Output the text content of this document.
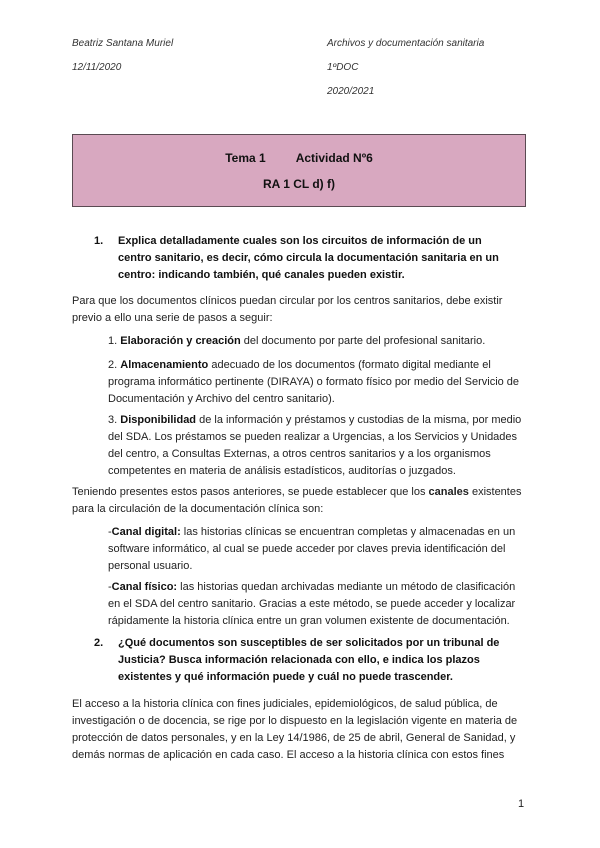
Beatriz Santana Muriel
12/11/2020
Archivos y documentación sanitaria
1ºDOC
2020/2021
Tema 1	Actividad Nº6
RA 1 CL d) f)
1. Explica detalladamente cuales son los circuitos de información de un centro sanitario, es decir, cómo circula la documentación sanitaria en un centro: indicando también, qué canales pueden existir.
Para que los documentos clínicos puedan circular por los centros sanitarios, debe existir previo a ello una serie de pasos a seguir:
1. Elaboración y creación del documento por parte del profesional sanitario.
2. Almacenamiento adecuado de los documentos (formato digital mediante el programa informático pertinente (DIRAYA) o formato físico por medio del Servicio de Documentación y Archivo del centro sanitario).
3. Disponibilidad de la información y préstamos y custodias de la misma, por medio del SDA. Los préstamos se pueden realizar a Urgencias, a los Servicios y Unidades del centro, a Consultas Externas, a otros centros sanitarios y a los organismos competentes en materia de análisis estadísticos, auditorías o juzgados.
Teniendo presentes estos pasos anteriores, se puede establecer que los canales existentes para la circulación de la documentación clínica son:
-Canal digital: las historias clínicas se encuentran completas y almacenadas en un software informático, al cual se puede acceder por claves previa identificación del personal usuario.
-Canal físico: las historias quedan archivadas mediante un método de clasificación en el SDA del centro sanitario. Gracias a este método, se puede acceder y localizar rápidamente la historia clínica entre un gran volumen existente de documentación.
2. ¿Qué documentos son susceptibles de ser solicitados por un tribunal de Justicia? Busca información relacionada con ello, e indica los plazos existentes y qué información puede y cuál no puede trascender.
El acceso a la historia clínica con fines judiciales, epidemiológicos, de salud pública, de investigación o de docencia, se rige por lo dispuesto en la legislación vigente en materia de protección de datos personales, y en la Ley 14/1986, de 25 de abril, General de Sanidad, y demás normas de aplicación en cada caso. El acceso a la historia clínica con estos fines
1
